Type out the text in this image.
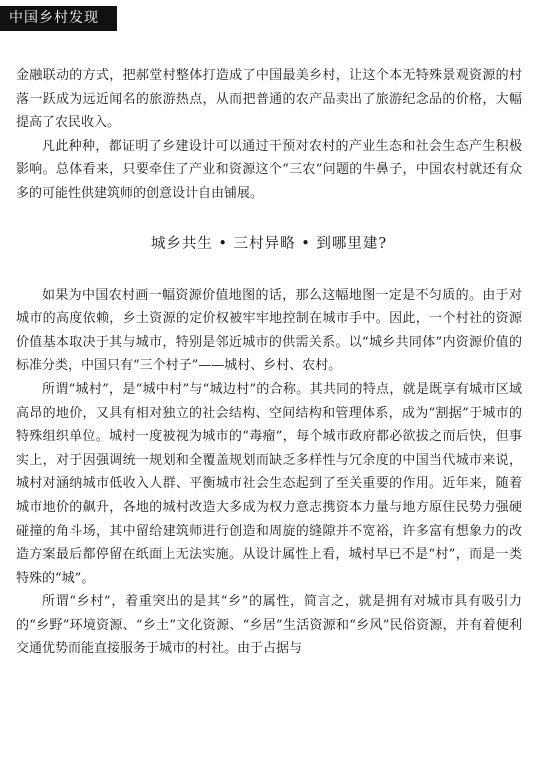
中国乡村发现

金融联动的方式，把郝堂村整体打造成了中国最美乡村，让这个本无特殊景观资源的村落一跃成为远近闻名的旅游热点，从而把普通的农产品卖出了旅游纪念品的价格，大幅提高了农民收入。

凡此种种，都证明了乡建设计可以通过干预对农村的产业生态和社会生态产生积极影响。总体看来，只要牵住了产业和资源这个“三农”问题的牛鼻子，中国农村就还有众多的可能性供建筑师的创意设计自由铺展。

城乡共生 • 三村异略 • 到哪里建?

如果为中国农村画一幅资源价值地图的话，那么这幅地图一定是不匀质的。由于对城市的高度依赖，乡土资源的定价权被牢牢地控制在城市手中。因此，一个村社的资源价值基本取决于其与城市，特别是邻近城市的供需关系。以“城乡共同体”内资源价值的标准分类，中国只有“三个村子”——城村、乡村、农村。

所谓“城村”，是“城中村”与“城边村”的合称。其共同的特点，就是既享有城市区域高昂的地价，又具有相对独立的社会结构、空间结构和管理体系，成为“割据”于城市的特殊组织单位。城村一度被视为城市的“毒瘤”，每个城市政府都必欲拔之而后快，但事实上，对于因强调统一规划和全覆盖规划而缺乏多样性与冗余度的中国当代城市来说，城村对涵纳城市低收入人群、平衡城市社会生态起到了至关重要的作用。近年来，随着城市地价的飙升，各地的城村改造大多成为权力意志携资本力量与地方原住民势力强硬碰撞的角斗场，其中留给建筑师进行创造和周旋的缝隙并不宽裕，许多富有想象力的改造方案最后都停留在纸面上无法实施。从设计属性上看，城村早已不是“村”，而是一类特殊的“城”。

所谓“乡村”，着重突出的是其“乡”的属性，简言之，就是拥有对城市具有吸引力的“乡野”环境资源、“乡土”文化资源、“乡居”生活资源和“乡风”民俗资源，并有着便利交通优势而能直接服务于城市的村社。由于占据与
